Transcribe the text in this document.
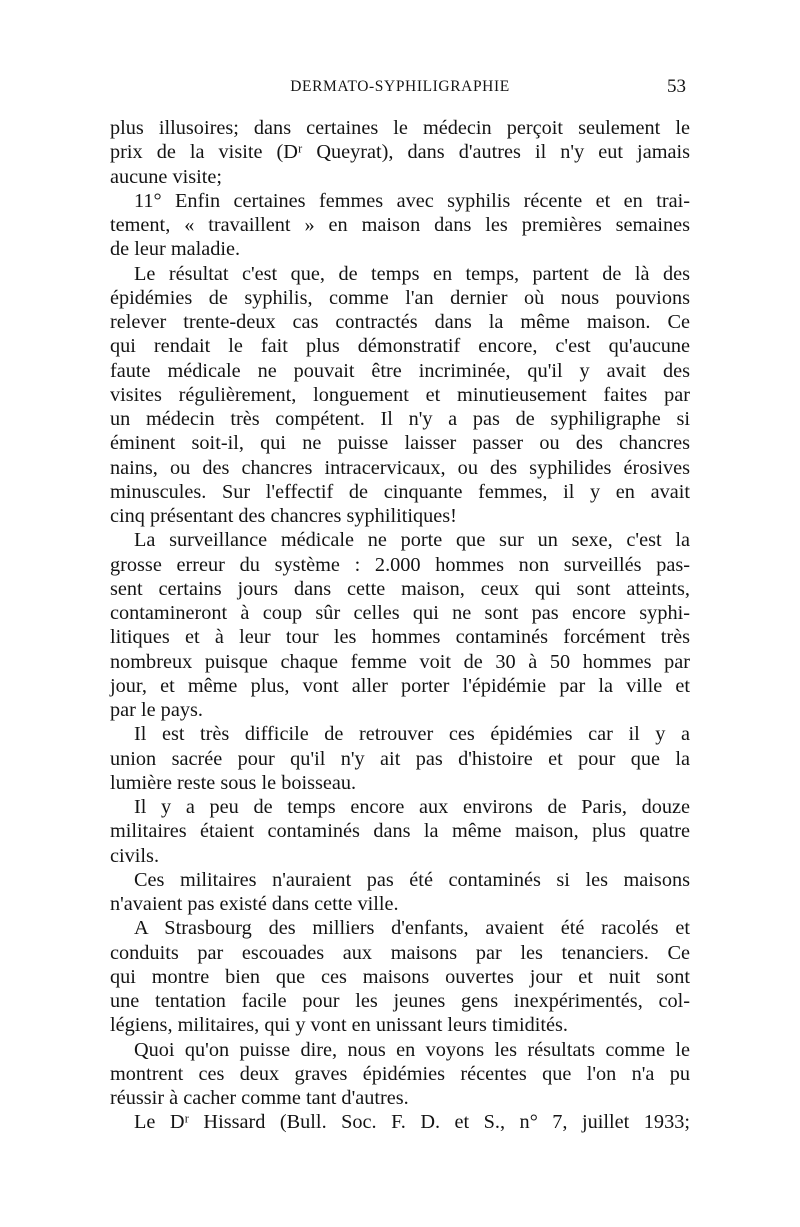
DERMATO-SYPHILIGRAPHIE	53
plus illusoires; dans certaines le médecin perçoit seulement le
prix de la visite (Dʳ Queyrat), dans d'autres il n'y eut jamais
aucune visite;
11° Enfin certaines femmes avec syphilis récente et en trai-
tement, « travaillent » en maison dans les premières semaines
de leur maladie.
Le résultat c'est que, de temps en temps, partent de là des
épidémies de syphilis, comme l'an dernier où nous pouvions
relever trente-deux cas contractés dans la même maison. Ce
qui rendait le fait plus démonstratif encore, c'est qu'aucune
faute médicale ne pouvait être incriminée, qu'il y avait des
visites régulièrement, longuement et minutieusement faites par
un médecin très compétent. Il n'y a pas de syphiligraphe si
éminent soit-il, qui ne puisse laisser passer ou des chancres
nains, ou des chancres intracervicaux, ou des syphilides érosives
minuscules. Sur l'effectif de cinquante femmes, il y en avait
cinq présentant des chancres syphilitiques!
La surveillance médicale ne porte que sur un sexe, c'est la
grosse erreur du système : 2.000 hommes non surveillés pas-
sent certains jours dans cette maison, ceux qui sont atteints,
contamineront à coup sûr celles qui ne sont pas encore syphi-
litiques et à leur tour les hommes contaminés forcément très
nombreux puisque chaque femme voit de 30 à 50 hommes par
jour, et même plus, vont aller porter l'épidémie par la ville et
par le pays.
Il est très difficile de retrouver ces épidémies car il y a
union sacrée pour qu'il n'y ait pas d'histoire et pour que la
lumière reste sous le boisseau.
Il y a peu de temps encore aux environs de Paris, douze
militaires étaient contaminés dans la même maison, plus quatre
civils.
Ces militaires n'auraient pas été contaminés si les maisons
n'avaient pas existé dans cette ville.
A Strasbourg des milliers d'enfants, avaient été racolés et
conduits par escouades aux maisons par les tenanciers. Ce
qui montre bien que ces maisons ouvertes jour et nuit sont
une tentation facile pour les jeunes gens inexpérimentés, col-
légiens, militaires, qui y vont en unissant leurs timidités.
Quoi qu'on puisse dire, nous en voyons les résultats comme le
montrent ces deux graves épidémies récentes que l'on n'a pu
réussir à cacher comme tant d'autres.
Le Dʳ Hissard (Bull. Soc. F. D. et S., n° 7, juillet 1933;
